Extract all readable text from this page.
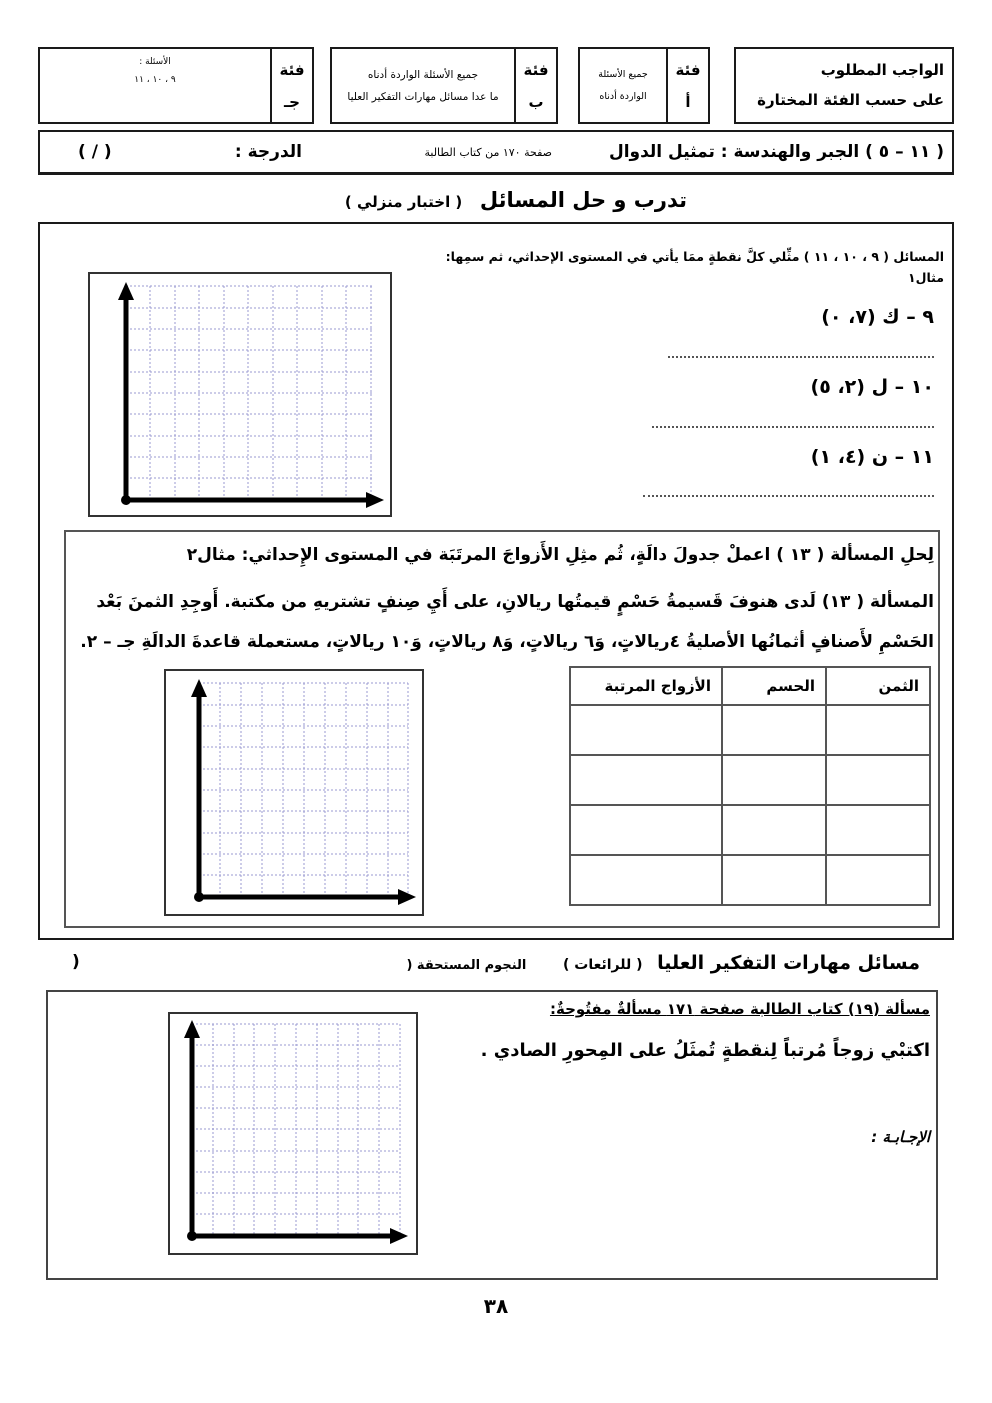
الواجب المطلوب
على حسب الفئة المختارة
فئة
أ
جميع الأسئلة
الواردة أدناه
فئة
ب
جميع الأسئلة الواردة أدناه
ما عدا مسائل مهارات التفكير العليا
فئة
جـ
الأسئلة :
٩ ، ١٠ ، ١١
( ١١ – ٥ ) الجبر والهندسة : تمثيل الدوال
صفحة ١٧٠ من كتاب الطالبة
الدرجة :
( / )
تدرب و حل المسائل ( اختبار منزلي )
المسائل ( ٩ ، ١٠ ، ١١ ) مثِّلي كلَّ نقطةٍ ممَا يأتي في المستوى الإحداثي، ثم سمِها:
مثال١
٩ – ك (٧، ٠)
١٠ – ل (٢، ٥)
١١ – ن (٤، ١)
لِحلِ المسألة ( ١٣ ) اعملْ جدولَ دالَةٍ، ثُم مثِلِ الأَزواجَ المرتَبَة في المستوى الإِحداثي: مثال٢
المسألة ( ١٣) لَدى هنوفَ قَسيمةُ حَسْمٍ قيمتُها ريالانِ، على أَيِ صِنفٍ تشتريهِ من مكتبة. أَوجِدِ الثمنَ بَعْد
الحَسْمِ لأَصنافٍ أثمانُها الأصليةُ ٤ريالاتٍ، وَ٦ ريالاتٍ، وَ٨ ريالاتٍ، وَ١٠ ريالاتٍ، مستعملة قاعدةَ الدالَةِ جـ – ٢.
الثمن	الحسم	الأزواج المرتبة

مسائل مهارات التفكير العليا ( للرائعات ) النجوم المستحقة (
)
مسألة (١٩) كتاب الطالبة صفحة ١٧١ مسألةٌ مفتُوحةٌ:
اكتبْي زوجاً مُرتباً لِنقطةٍ تُمثَلُ على المِحورِ الصادي .
الإجـابـة :
٣٨
